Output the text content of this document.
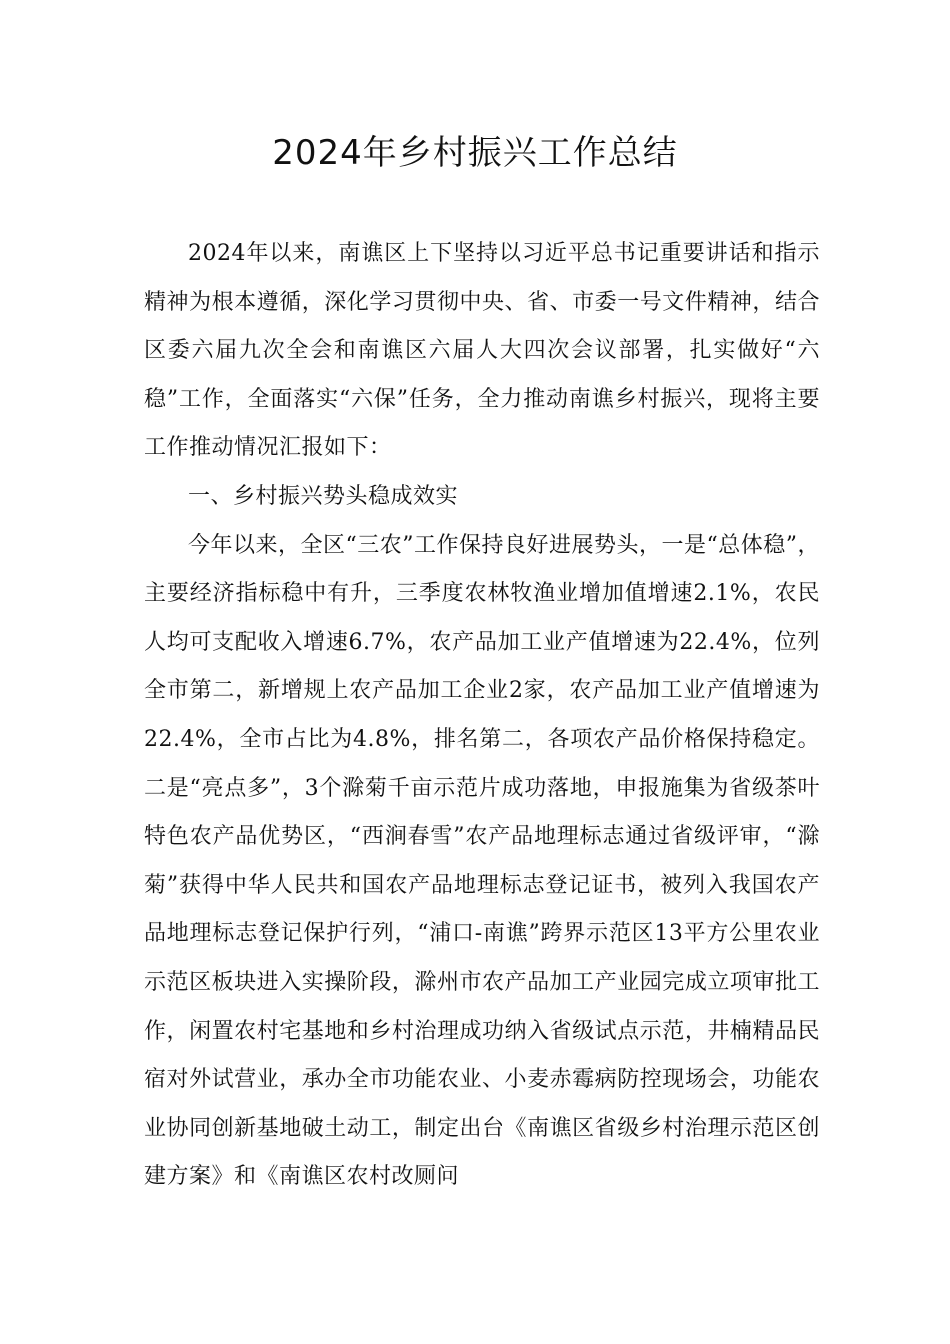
2024年乡村振兴工作总结

2024年以来，南谯区上下坚持以习近平总书记重要讲话和指示精神为根本遵循，深化学习贯彻中央、省、市委一号文件精神，结合区委六届九次全会和南谯区六届人大四次会议部署，扎实做好“六稳”工作，全面落实“六保”任务，全力推动南谯乡村振兴，现将主要工作推动情况汇报如下：

一、乡村振兴势头稳成效实

今年以来，全区“三农”工作保持良好进展势头，一是“总体稳”，主要经济指标稳中有升，三季度农林牧渔业增加值增速2.1%，农民人均可支配收入增速6.7%，农产品加工业产值增速为22.4%，位列全市第二，新增规上农产品加工企业2家，农产品加工业产值增速为22.4%，全市占比为4.8%，排名第二，各项农产品价格保持稳定。二是“亮点多”，3个滁菊千亩示范片成功落地，申报施集为省级茶叶特色农产品优势区，“西涧春雪”农产品地理标志通过省级评审，“滁菊”获得中华人民共和国农产品地理标志登记证书，被列入我国农产品地理标志登记保护行列，“浦口-南谯”跨界示范区13平方公里农业示范区板块进入实操阶段，滁州市农产品加工产业园完成立项审批工作，闲置农村宅基地和乡村治理成功纳入省级试点示范，井楠精品民宿对外试营业，承办全市功能农业、小麦赤霉病防控现场会，功能农业协同创新基地破土动工，制定出台《南谯区省级乡村治理示范区创建方案》和《南谯区农村改厕问
